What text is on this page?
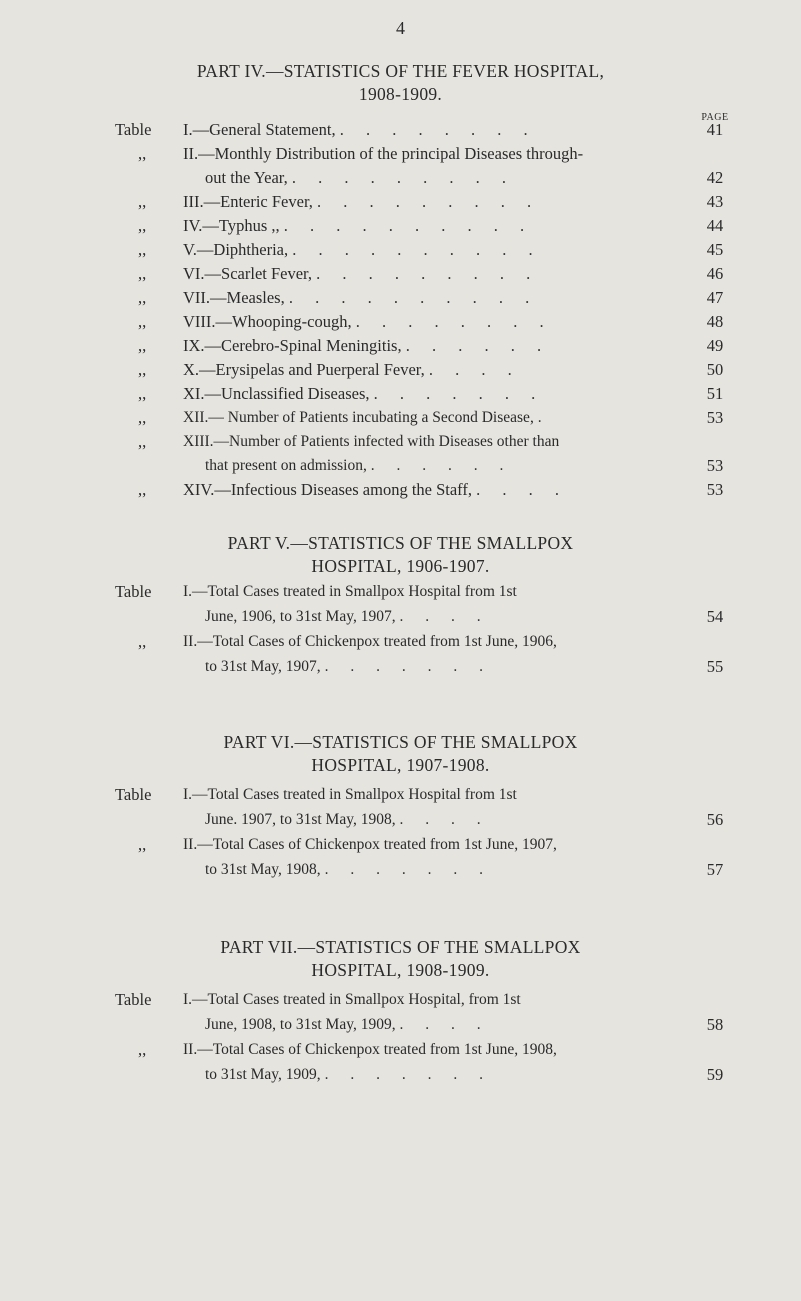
4
PART IV.—STATISTICS OF THE FEVER HOSPITAL,
1908-1909.
PAGE
Table I.—General Statement, . . . . . . . .	41
,, II.—Monthly Distribution of the principal Diseases through-
out the Year, . . . . . . . . .	42
,, III.—Enteric Fever, . . . . . . . . .	43
,, IV.—Typhus ,, . . . . . . . . . .	44
,, V.—Diphtheria, . . . . . . . . . .	45
,, VI.—Scarlet Fever, . . . . . . . . .	46
,, VII.—Measles, . . . . . . . . . .	47
,, VIII.—Whooping-cough, . . . . . . . .	48
,, IX.—Cerebro-Spinal Meningitis, . . . . . .	49
,, X.—Erysipelas and Puerperal Fever, . . . .	50
,, XI.—Unclassified Diseases, . . . . . . .	51
,, XII.— Number of Patients incubating a Second Disease, .	53
,, XIII.—Number of Patients infected with Diseases other than
that present on admission, . . . . . .	53
,, XIV.—Infectious Diseases among the Staff, . . . .	53
PART V.—STATISTICS OF THE SMALLPOX
HOSPITAL, 1906-1907.
Table I.—Total Cases treated in Smallpox Hospital from 1st
June, 1906, to 31st May, 1907, . . . .	54
,, II.—Total Cases of Chickenpox treated from 1st June, 1906,
to 31st May, 1907, . . . . . . .	55
PART VI.—STATISTICS OF THE SMALLPOX
HOSPITAL, 1907-1908.
Table I.—Total Cases treated in Smallpox Hospital from 1st
June. 1907, to 31st May, 1908, . . . .	56
,, II.—Total Cases of Chickenpox treated from 1st June, 1907,
to 31st May, 1908, . . . . . . .	57
PART VII.—STATISTICS OF THE SMALLPOX
HOSPITAL, 1908-1909.
Table I.—Total Cases treated in Smallpox Hospital, from 1st
June, 1908, to 31st May, 1909, . . . .	58
,, II.—Total Cases of Chickenpox treated from 1st June, 1908,
to 31st May, 1909, . . . . . . .	59
